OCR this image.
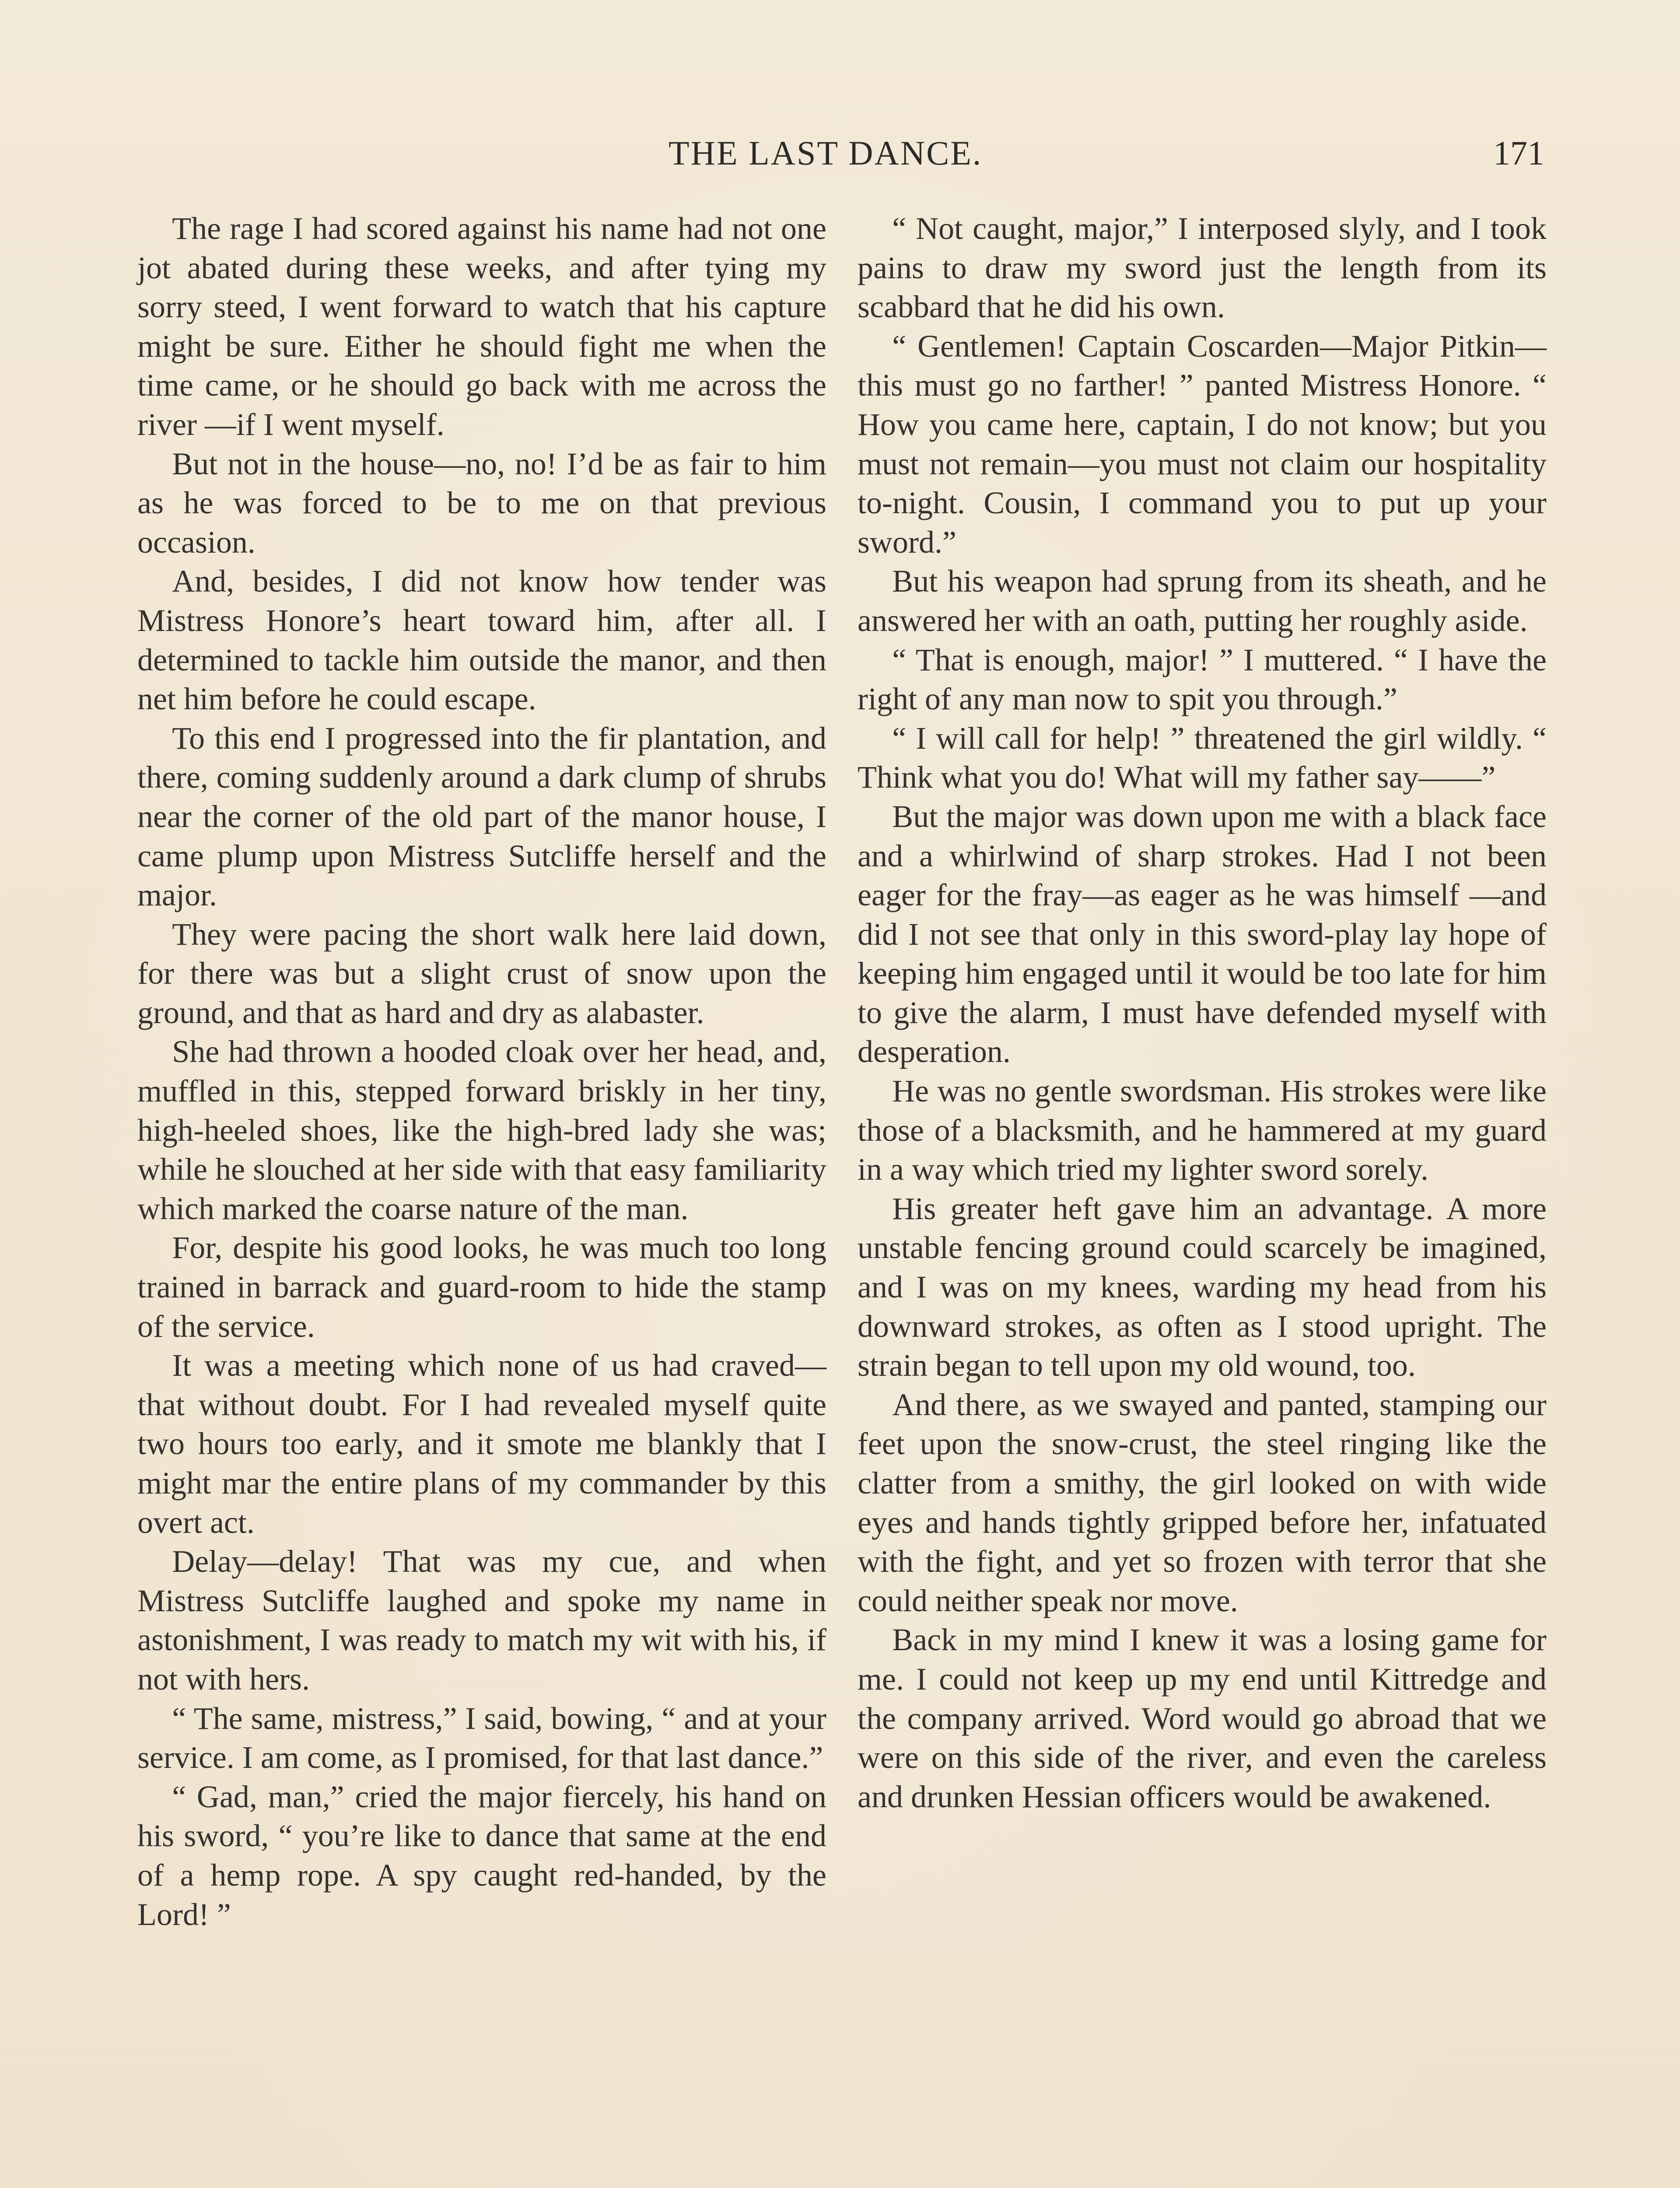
THE LAST DANCE.	171

The rage I had scored against his name had not one jot abated during these weeks, and after tying my sorry steed, I went forward to watch that his capture might be sure. Either he should fight me when the time came, or he should go back with me across the river —if I went myself.

But not in the house—no, no! I’d be as fair to him as he was forced to be to me on that previous occasion.

And, besides, I did not know how tender was Mistress Honore’s heart toward him, after all. I determined to tackle him outside the manor, and then net him before he could escape.

To this end I progressed into the fir plantation, and there, coming suddenly around a dark clump of shrubs near the corner of the old part of the manor house, I came plump upon Mistress Sutcliffe herself and the major.

They were pacing the short walk here laid down, for there was but a slight crust of snow upon the ground, and that as hard and dry as alabaster.

She had thrown a hooded cloak over her head, and, muffled in this, stepped forward briskly in her tiny, high-heeled shoes, like the high-bred lady she was; while he slouched at her side with that easy familiarity which marked the coarse nature of the man.

For, despite his good looks, he was much too long trained in barrack and guard-room to hide the stamp of the service.

It was a meeting which none of us had craved—that without doubt. For I had revealed myself quite two hours too early, and it smote me blankly that I might mar the entire plans of my commander by this overt act.

Delay—delay! That was my cue, and when Mistress Sutcliffe laughed and spoke my name in astonishment, I was ready to match my wit with his, if not with hers.

“ The same, mistress,” I said, bowing, “ and at your service. I am come, as I promised, for that last dance.”

“ Gad, man,” cried the major fiercely, his hand on his sword, “ you’re like to dance that same at the end of a hemp rope. A spy caught red-handed, by the Lord! ”

“ Not caught, major,” I interposed slyly, and I took pains to draw my sword just the length from its scabbard that he did his own.

“ Gentlemen! Captain Coscarden—Major Pitkin—this must go no farther! ” panted Mistress Honore. “ How you came here, captain, I do not know; but you must not remain—you must not claim our hospitality to-night. Cousin, I command you to put up your sword.”

But his weapon had sprung from its sheath, and he answered her with an oath, putting her roughly aside.

“ That is enough, major! ” I muttered. “ I have the right of any man now to spit you through.”

“ I will call for help! ” threatened the girl wildly. “ Think what you do! What will my father say——”

But the major was down upon me with a black face and a whirlwind of sharp strokes. Had I not been eager for the fray—as eager as he was himself —and did I not see that only in this sword-play lay hope of keeping him engaged until it would be too late for him to give the alarm, I must have defended myself with desperation.

He was no gentle swordsman. His strokes were like those of a blacksmith, and he hammered at my guard in a way which tried my lighter sword sorely.

His greater heft gave him an advantage. A more unstable fencing ground could scarcely be imagined, and I was on my knees, warding my head from his downward strokes, as often as I stood upright. The strain began to tell upon my old wound, too.

And there, as we swayed and panted, stamping our feet upon the snow-crust, the steel ringing like the clatter from a smithy, the girl looked on with wide eyes and hands tightly gripped before her, infatuated with the fight, and yet so frozen with terror that she could neither speak nor move.

Back in my mind I knew it was a losing game for me. I could not keep up my end until Kittredge and the company arrived. Word would go abroad that we were on this side of the river, and even the careless and drunken Hessian officers would be awakened.
